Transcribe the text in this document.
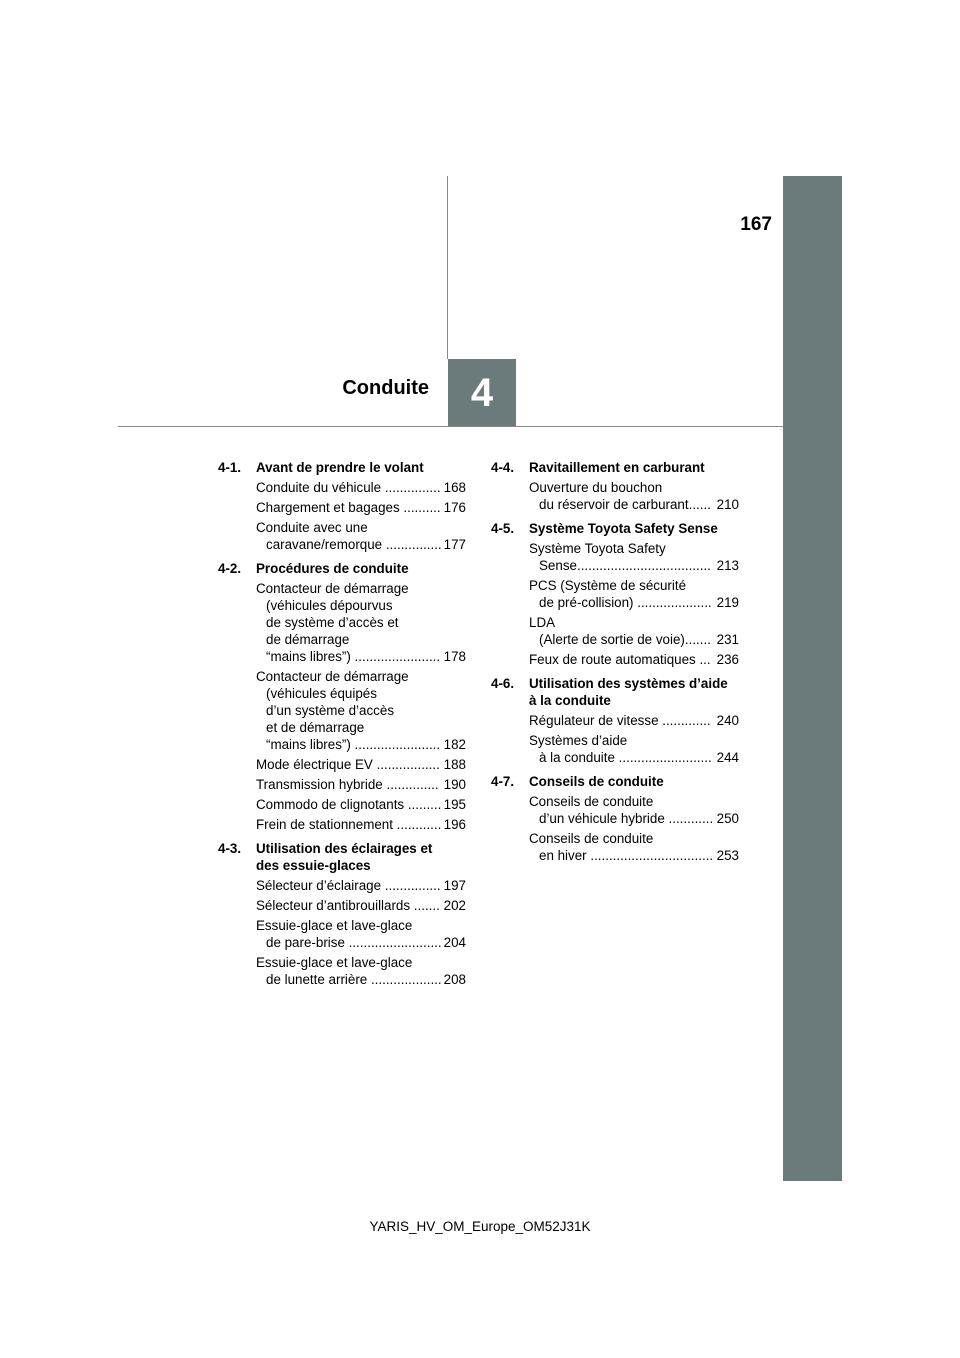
167
4
Conduite
4-1. Avant de prendre le volant
168
Conduite du véhicule ...............
176
Chargement et bagages ..........
177
Conduite avec une
caravane/remorque ...............
4-2. Procédures de conduite
178
Contacteur de démarrage
(véhicules dépourvus
de système d’accès et
de démarrage
“mains libres”) .......................
182
Contacteur de démarrage
(véhicules équipés
d’un système d’accès
et de démarrage
“mains libres”) .......................
188
Mode électrique EV .................
190
Transmission hybride ..............
195
Commodo de clignotants .........
196
Frein de stationnement ............
4-3. Utilisation des éclairages et
des essuie-glaces
197
Sélecteur d’éclairage ...............
202
Sélecteur d’antibrouillards .......
204
Essuie-glace et lave-glace
de pare-brise .........................
208
Essuie-glace et lave-glace
de lunette arrière ...................
4-4. Ravitaillement en carburant
210
Ouverture du bouchon
du réservoir de carburant......
4-5. Système Toyota Safety Sense
213
Système Toyota Safety
Sense....................................
219
PCS (Système de sécurité
de pré-collision) ....................
231
LDA
(Alerte de sortie de voie).......
236
Feux de route automatiques ...
4-6. Utilisation des systèmes d’aide
à la conduite
240
Régulateur de vitesse .............
244
Systèmes d’aide
à la conduite .........................
4-7. Conseils de conduite
250
Conseils de conduite
d’un véhicule hybride ............
253
Conseils de conduite
en hiver .................................
YARIS_HV_OM_Europe_OM52J31K
